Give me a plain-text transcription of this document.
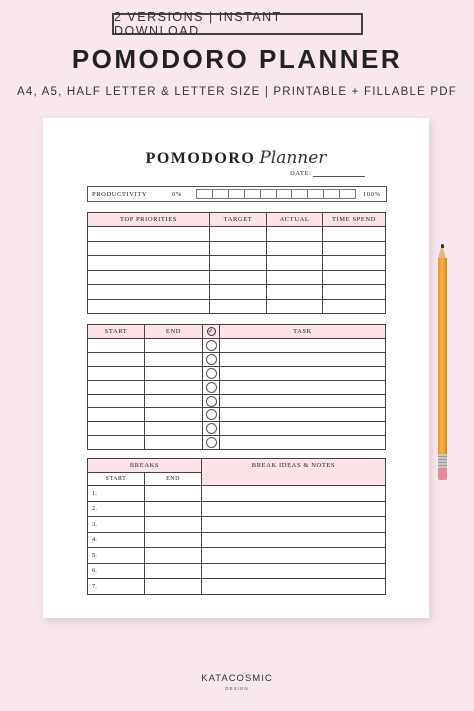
2 VERSIONS | INSTANT DOWNLOAD
POMODORO PLANNER
A4, A5, HALF LETTER & LETTER SIZE | PRINTABLE + FILLABLE PDF
POMODORO Planner
DATE:
PRODUCTIVITY	0%	100%
TOP PRIORITIES	TARGET	ACTUAL	TIME SPEND

START	END	✓	TASK

BREAKS		BREAK IDEAS & NOTES
START	END	
1.		
2.		
3.		
4.		
5.		
6.		
7.		
KATACOSMIC
DESIGN
